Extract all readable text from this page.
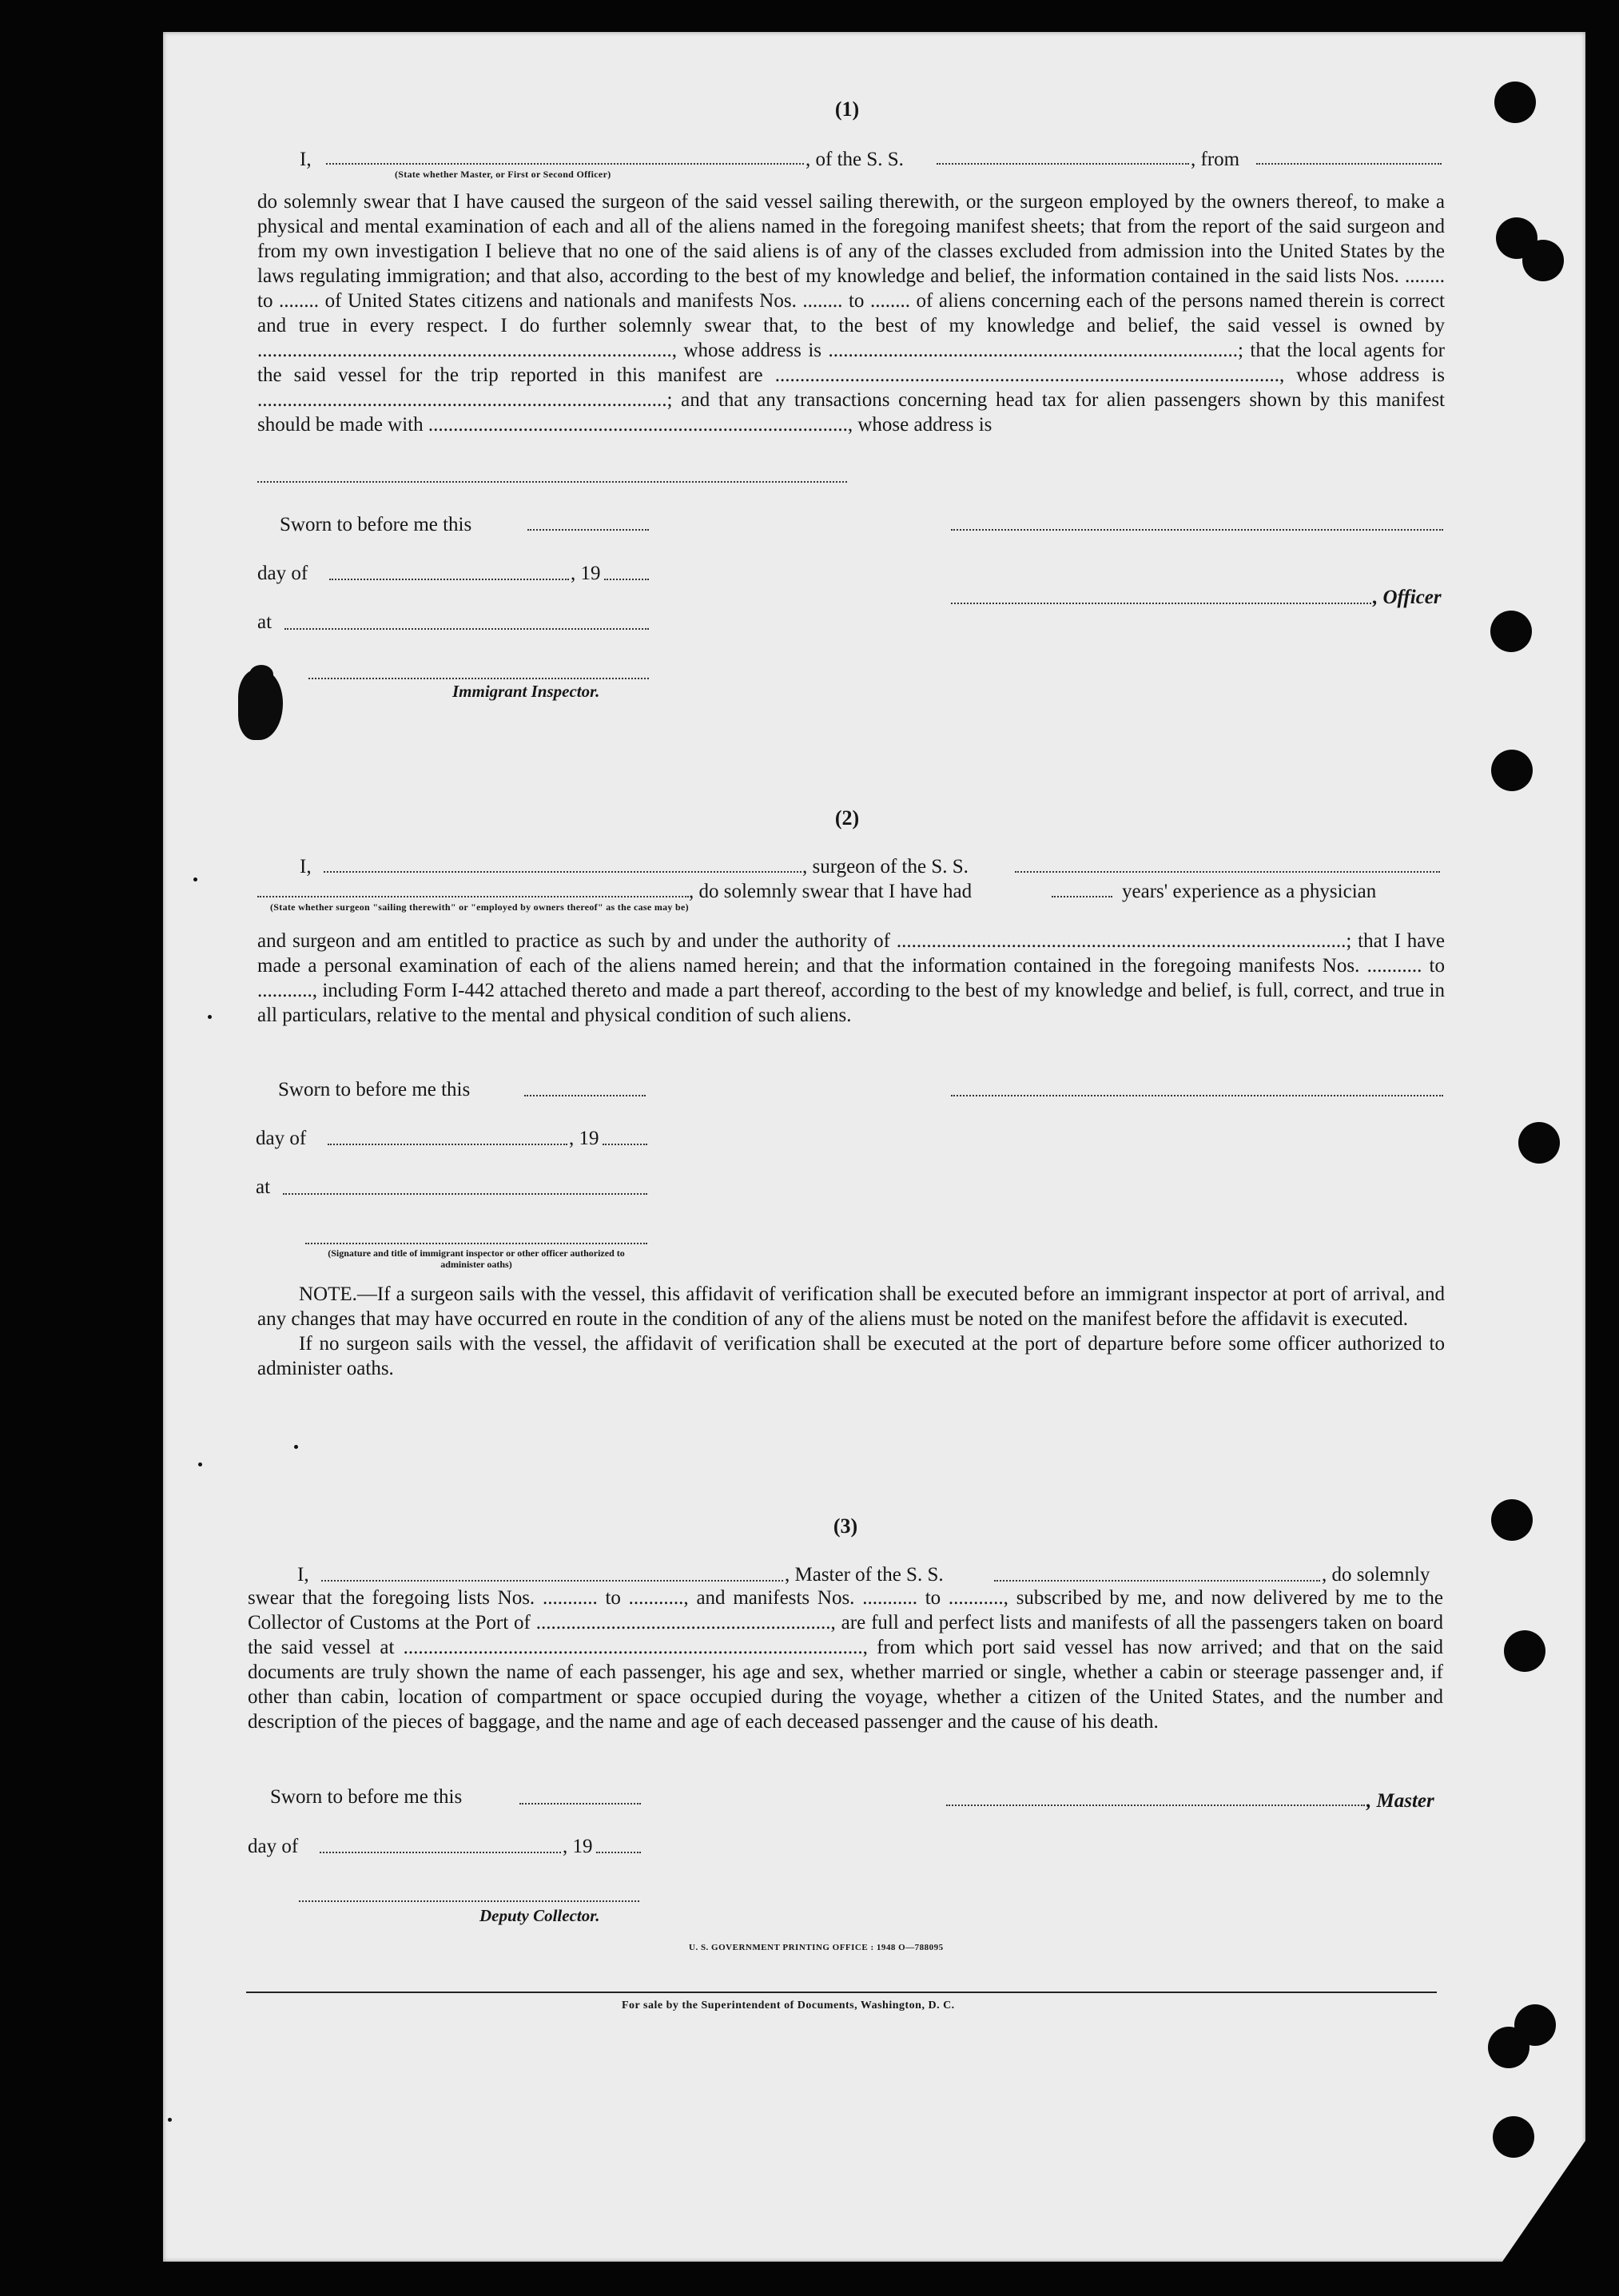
(1)
I,	, of the S. S.	, from
(State whether Master, or First or Second Officer)

do solemnly swear that I have caused the surgeon of the said vessel sailing therewith, or the surgeon employed by the owners thereof, to make a physical and mental examination of each and all of the aliens named in the foregoing manifest sheets; that from the report of the said surgeon and from my own investigation I believe that no one of the said aliens is of any of the classes excluded from admission into the United States by the laws regulating immigration; and that also, according to the best of my knowledge and belief, the information contained in the said lists Nos. ........ to ........ of United States citizens and nationals and manifests Nos. ........ to ........ of aliens concerning each of the persons named therein is correct and true in every respect. I do further solemnly swear that, to the best of my knowledge and belief, the said vessel is owned by ..................................................................................., whose address is ..................................................................................; that the local agents for the said vessel for the trip reported in this manifest are ....................................................................................................., whose address is ..................................................................................; and that any transactions concerning head tax for alien passengers shown by this manifest should be made with ...................................................................................., whose address is

Sworn to before me this
day of	, 19
, Officer
at
Immigrant Inspector.
(2)
I,	, surgeon of the S. S.
, do solemnly swear that I have had	years' experience as a physician
(State whether surgeon "sailing therewith" or "employed by owners thereof" as the case may be)

and surgeon and am entitled to practice as such by and under the authority of ..........................................................................................; that I have made a personal examination of each of the aliens named herein; and that the information contained in the foregoing manifests Nos. ........... to ..........., including Form I-442 attached thereto and made a part thereof, according to the best of my knowledge and belief, is full, correct, and true in all particulars, relative to the mental and physical condition of such aliens.

Sworn to before me this
day of	, 19
at
(Signature and title of immigrant inspector or other officer authorized to administer oaths)

NOTE.—If a surgeon sails with the vessel, this affidavit of verification shall be executed before an immigrant inspector at port of arrival, and any changes that may have occurred en route in the condition of any of the aliens must be noted on the manifest before the affidavit is executed.

If no surgeon sails with the vessel, the affidavit of verification shall be executed at the port of departure before some officer authorized to administer oaths.

(3)
I,	, Master of the S. S.	, do solemnly

swear that the foregoing lists Nos. ........... to ..........., and manifests Nos. ........... to ..........., subscribed by me, and now delivered by me to the Collector of Customs at the Port of ..........................................................., are full and perfect lists and manifests of all the passengers taken on board the said vessel at ............................................................................................, from which port said vessel has now arrived; and that on the said documents are truly shown the name of each passenger, his age and sex, whether married or single, whether a cabin or steerage passenger and, if other than cabin, location of compartment or space occupied during the voyage, whether a citizen of the United States, and the number and description of the pieces of baggage, and the name and age of each deceased passenger and the cause of his death.

Sworn to before me this	, Master
day of	, 19
Deputy Collector.
U. S. GOVERNMENT PRINTING OFFICE : 1948 O—788095
For sale by the Superintendent of Documents, Washington, D. C.
